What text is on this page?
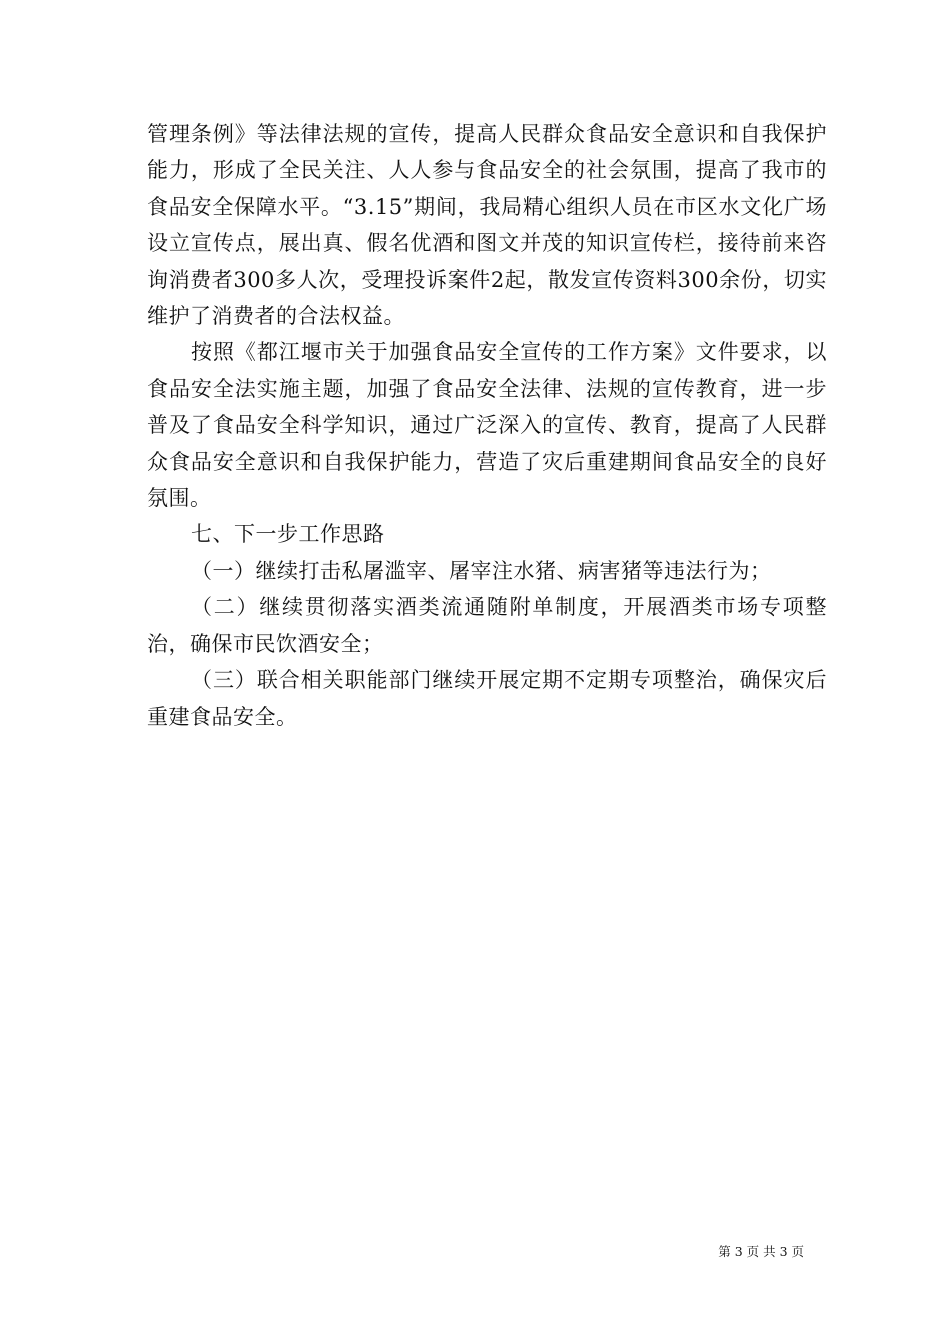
管理条例》等法律法规的宣传，提高人民群众食品安全意识和自我保护能力，形成了全民关注、人人参与食品安全的社会氛围，提高了我市的食品安全保障水平。“3.15”期间，我局精心组织人员在市区水文化广场设立宣传点，展出真、假名优酒和图文并茂的知识宣传栏，接待前来咨询消费者300多人次，受理投诉案件2起，散发宣传资料300余份，切实维护了消费者的合法权益。

按照《都江堰市关于加强食品安全宣传的工作方案》文件要求，以食品安全法实施主题，加强了食品安全法律、法规的宣传教育，进一步普及了食品安全科学知识，通过广泛深入的宣传、教育，提高了人民群众食品安全意识和自我保护能力，营造了灾后重建期间食品安全的良好氛围。

七、下一步工作思路

（一）继续打击私屠滥宰、屠宰注水猪、病害猪等违法行为；

（二）继续贯彻落实酒类流通随附单制度，开展酒类市场专项整治，确保市民饮酒安全；

（三）联合相关职能部门继续开展定期不定期专项整治，确保灾后重建食品安全。

第 3 页 共 3 页
